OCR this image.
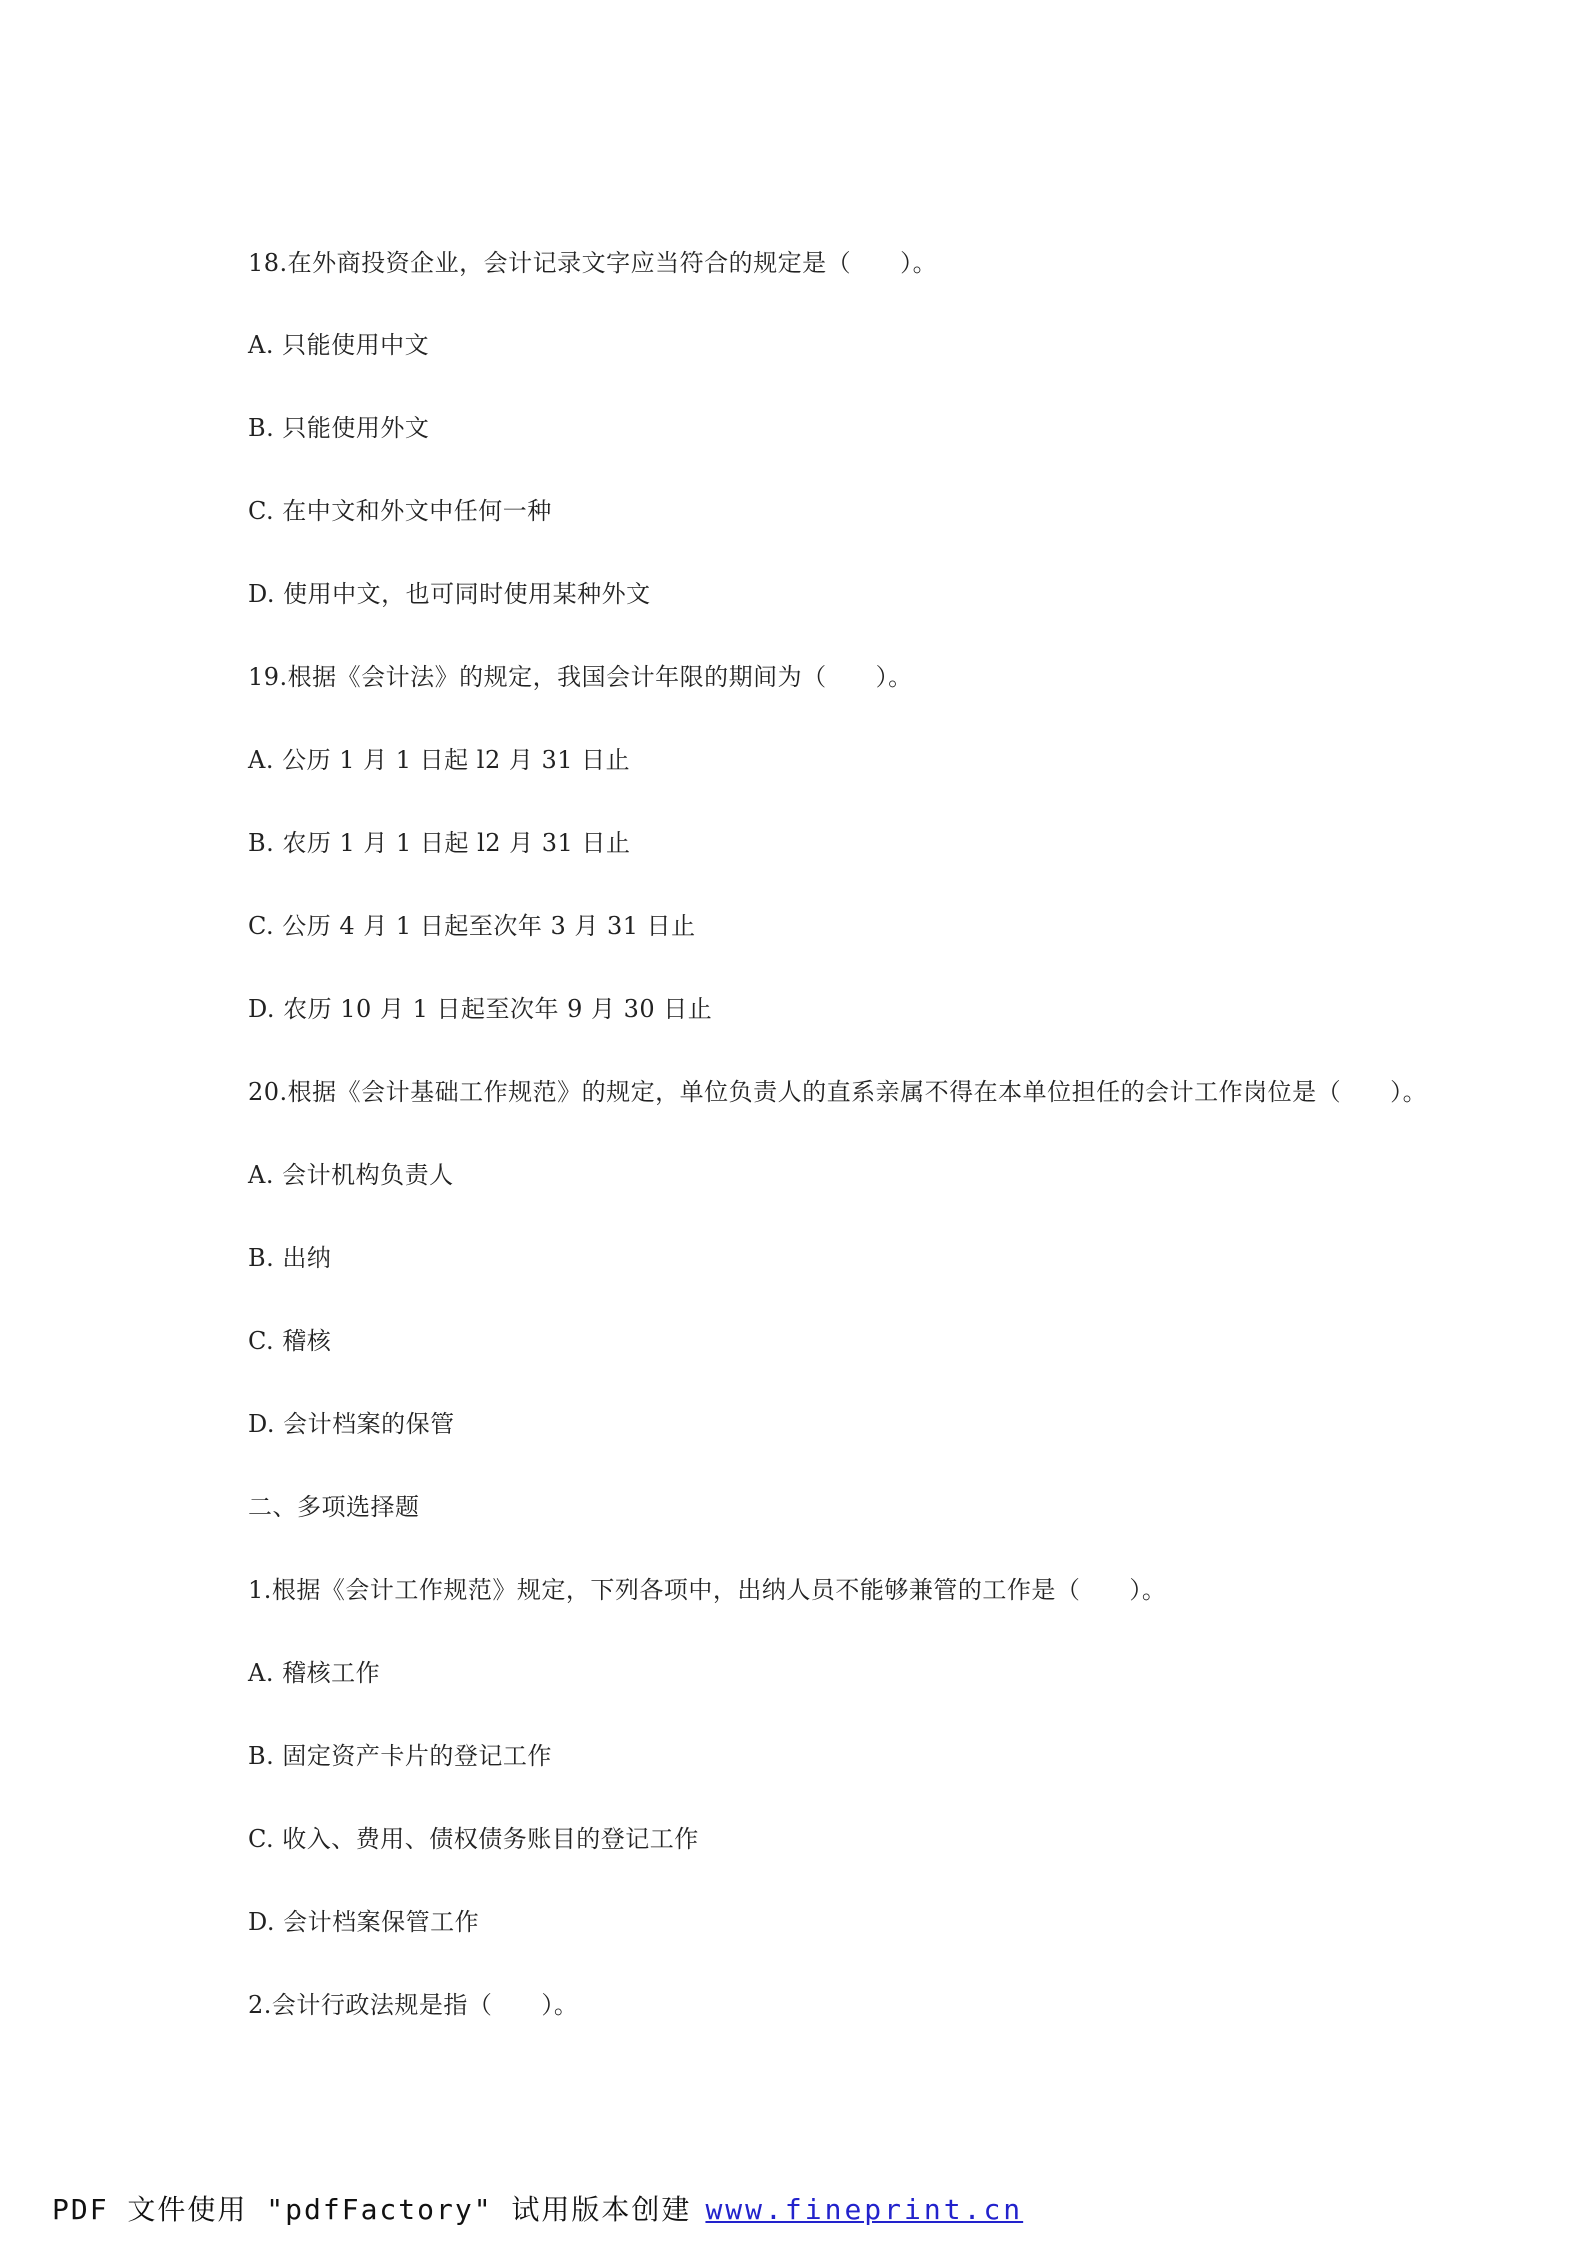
18.在外商投资企业，会计记录文字应当符合的规定是（　　）。
A. 只能使用中文
B. 只能使用外文
C. 在中文和外文中任何一种
D. 使用中文，也可同时使用某种外文
19.根据《会计法》的规定，我国会计年限的期间为（　　）。
A. 公历 1 月 1 日起 l2 月 31 日止
B. 农历 1 月 1 日起 l2 月 31 日止
C. 公历 4 月 1 日起至次年 3 月 31 日止
D. 农历 10 月 1 日起至次年 9 月 30 日止
20.根据《会计基础工作规范》的规定，单位负责人的直系亲属不得在本单位担任的会计工作岗位是（　　）。
A. 会计机构负责人
B. 出纳
C. 稽核
D. 会计档案的保管
二、多项选择题
1.根据《会计工作规范》规定，下列各项中，出纳人员不能够兼管的工作是（　　）。
A. 稽核工作
B. 固定资产卡片的登记工作
C. 收入、费用、债权债务账目的登记工作
D. 会计档案保管工作
2.会计行政法规是指（　　）。
PDF 文件使用 "pdfFactory" 试用版本创建 www.fineprint.cn
